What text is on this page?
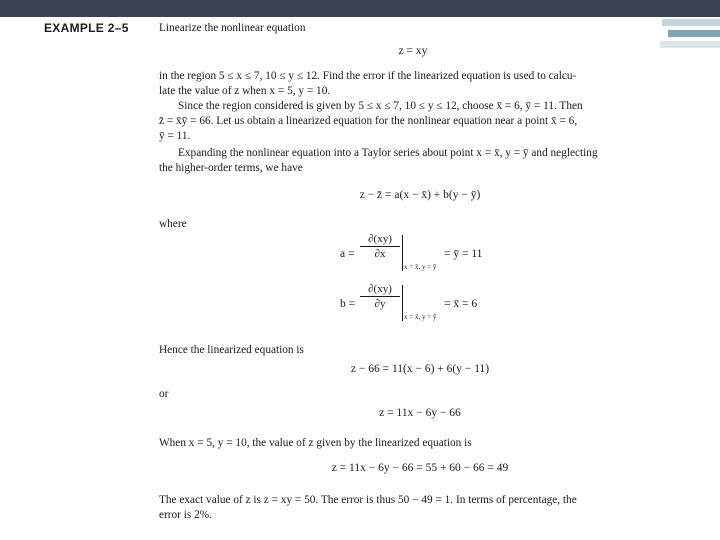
EXAMPLE 2–5	Linearize the nonlinear equation
z = xy
in the region 5 ≤ x ≤ 7, 10 ≤ y ≤ 12. Find the error if the linearized equation is used to calcu-
late the value of z when x = 5, y = 10.
Since the region considered is given by 5 ≤ x ≤ 7, 10 ≤ y ≤ 12, choose x̄ = 6, ȳ = 11. Then
z̄ = x̄ȳ = 66. Let us obtain a linearized equation for the nonlinear equation near a point x̄ = 6,
ȳ = 11.
Expanding the nonlinear equation into a Taylor series about point x = x̄, y = ȳ and neglecting
the higher-order terms, we have
z − z̄ = a(x − x̄) + b(y − ȳ)
where
a =
∂(xy)
∂x
x = x̄, y = ȳ
= ȳ = 11
b =
∂(xy)
∂y
x = x̄, y = ȳ
= x̄ = 6
Hence the linearized equation is
z − 66 = 11(x − 6) + 6(y − 11)
or
z = 11x − 6y − 66
When x = 5, y = 10, the value of z given by the linearized equation is
z = 11x − 6y − 66 = 55 + 60 − 66 = 49
The exact value of z is z = xy = 50. The error is thus 50 − 49 = 1. In terms of percentage, the
error is 2%.
